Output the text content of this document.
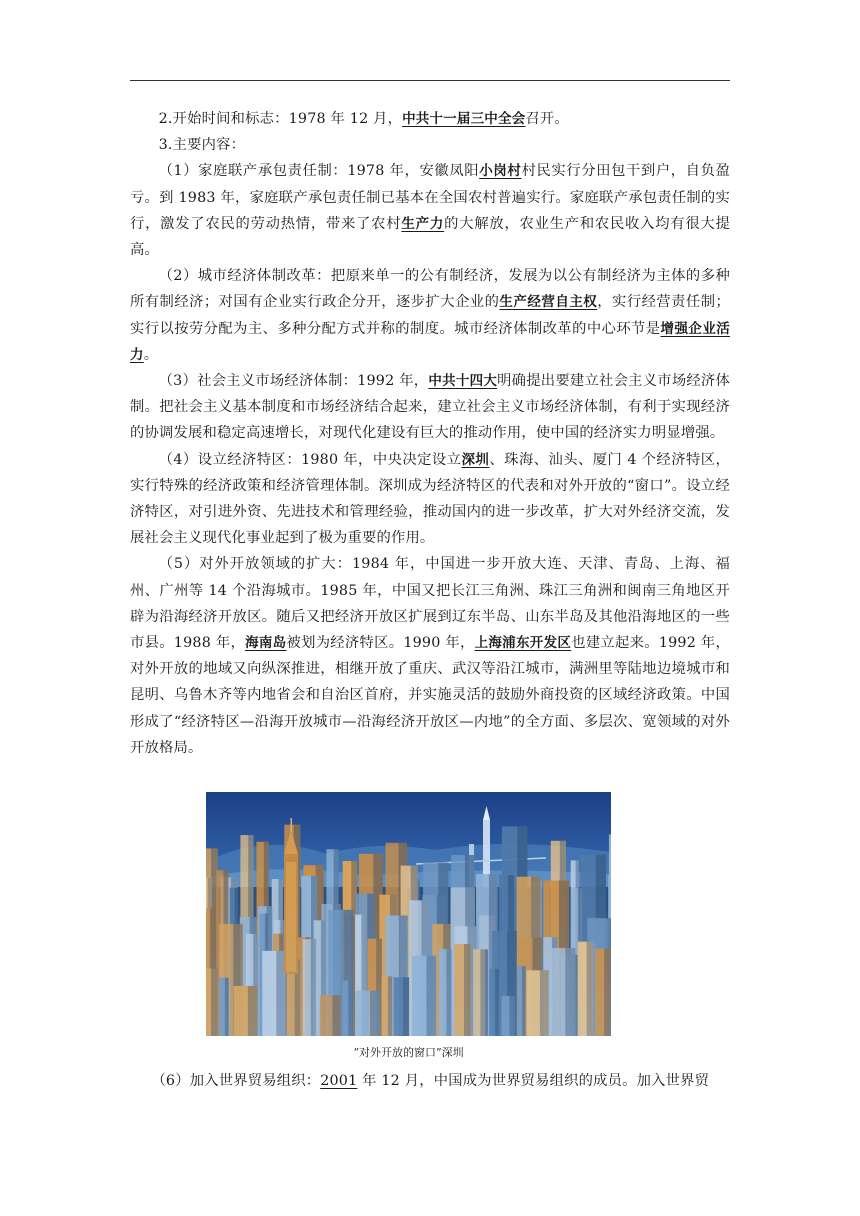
2.开始时间和标志：1978 年 12 月，中共十一届三中全会召开。

3.主要内容：

（1）家庭联产承包责任制：1978 年，安徽凤阳小岗村村民实行分田包干到户，自负盈亏。到 1983 年，家庭联产承包责任制已基本在全国农村普遍实行。家庭联产承包责任制的实行，激发了农民的劳动热情，带来了农村生产力的大解放，农业生产和农民收入均有很大提高。

（2）城市经济体制改革：把原来单一的公有制经济，发展为以公有制经济为主体的多种所有制经济；对国有企业实行政企分开，逐步扩大企业的生产经营自主权，实行经营责任制；实行以按劳分配为主、多种分配方式并称的制度。城市经济体制改革的中心环节是增强企业活力。

（3）社会主义市场经济体制：1992 年，中共十四大明确提出要建立社会主义市场经济体制。把社会主义基本制度和市场经济结合起来，建立社会主义市场经济体制，有利于实现经济的协调发展和稳定高速增长，对现代化建设有巨大的推动作用，使中国的经济实力明显增强。

（4）设立经济特区：1980 年，中央决定设立深圳、珠海、汕头、厦门 4 个经济特区，实行特殊的经济政策和经济管理体制。深圳成为经济特区的代表和对外开放的“窗口”。设立经济特区，对引进外资、先进技术和管理经验，推动国内的进一步改革，扩大对外经济交流，发展社会主义现代化事业起到了极为重要的作用。

（5）对外开放领域的扩大：1984 年，中国进一步开放大连、天津、青岛、上海、福州、广州等 14 个沿海城市。1985 年，中国又把长江三角洲、珠江三角洲和闽南三角地区开辟为沿海经济开放区。随后又把经济开放区扩展到辽东半岛、山东半岛及其他沿海地区的一些市县。1988 年，海南岛被划为经济特区。1990 年，上海浦东开发区也建立起来。1992 年，对外开放的地域又向纵深推进，相继开放了重庆、武汉等沿江城市，满洲里等陆地边境城市和昆明、乌鲁木齐等内地省会和自治区首府，并实施灵活的鼓励外商投资的区域经济政策。中国形成了“经济特区—沿海开放城市—沿海经济开放区—内地”的全方面、多层次、宽领域的对外开放格局。

“对外开放的窗口”深圳

（6）加入世界贸易组织：2001 年 12 月，中国成为世界贸易组织的成员。加入世界贸
